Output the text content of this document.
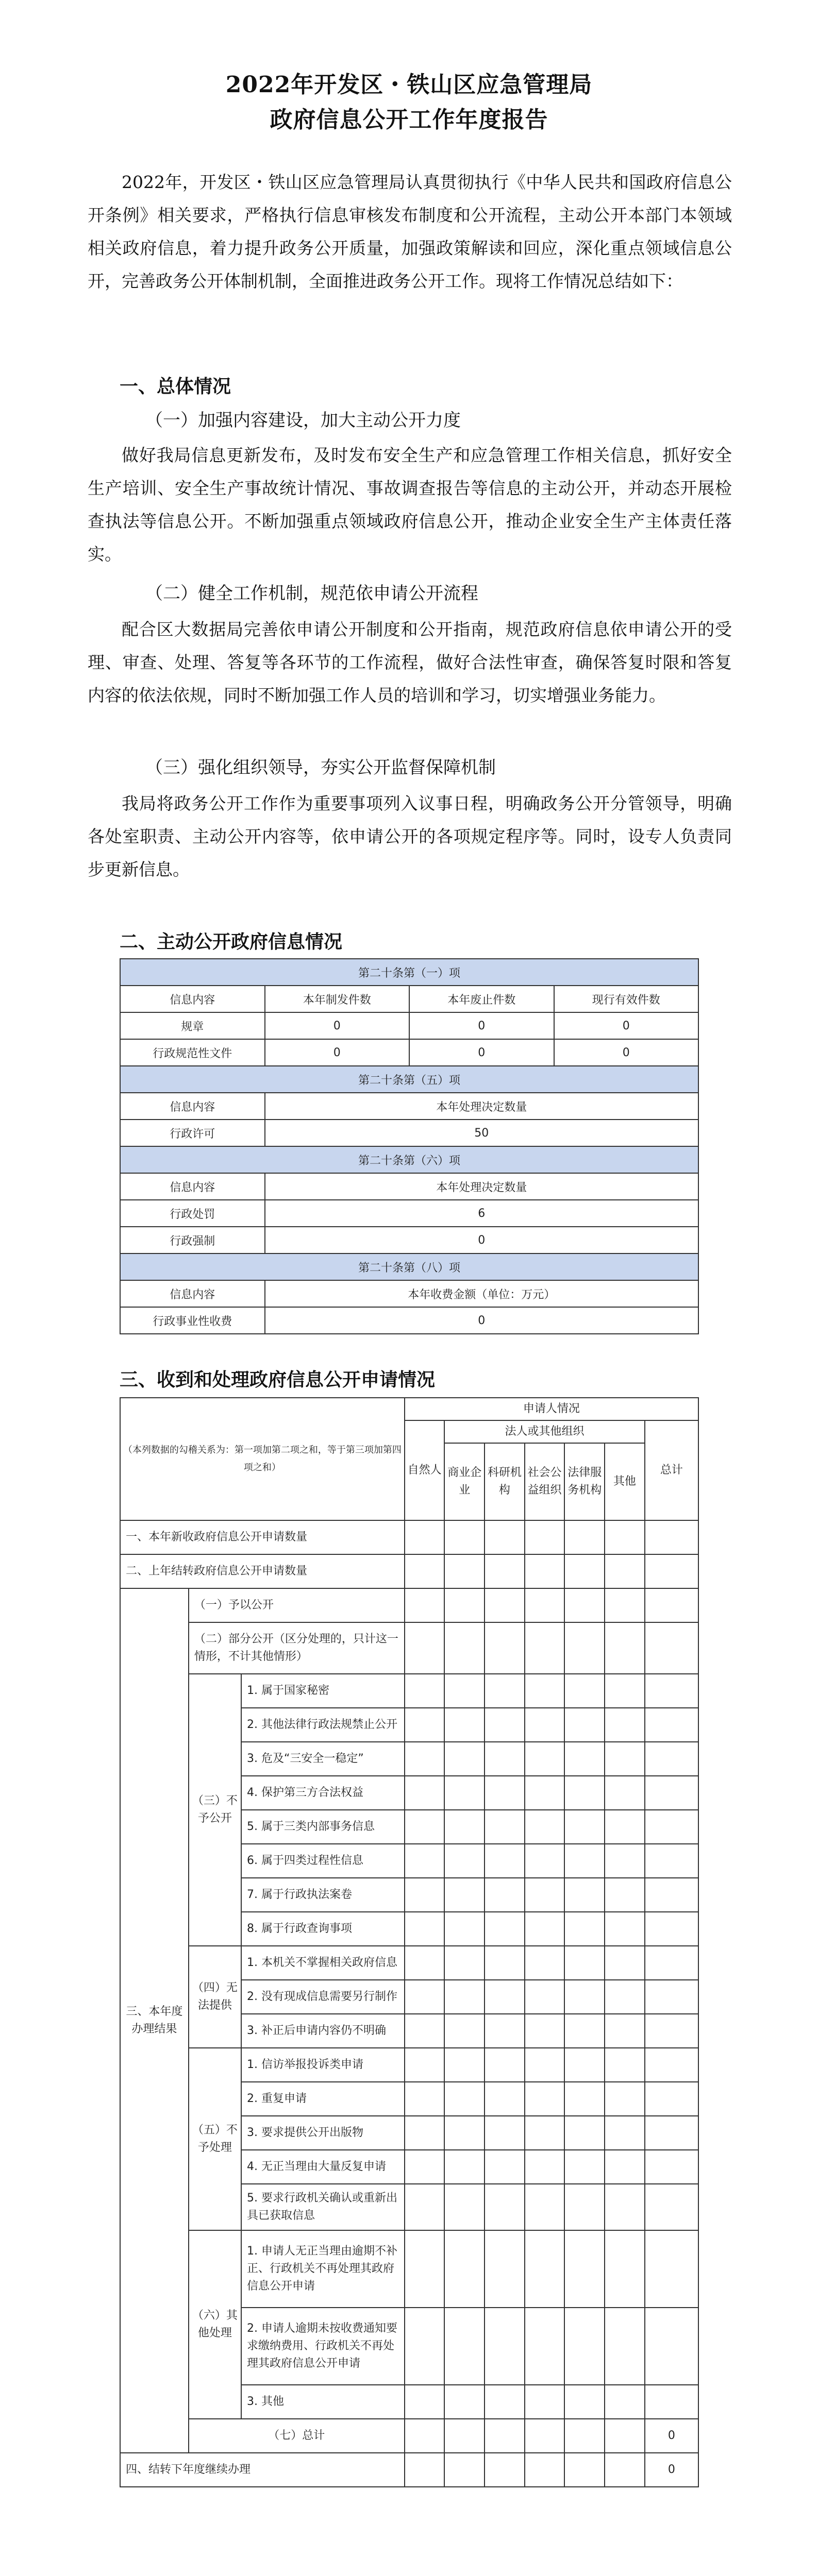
2022年开发区・铁山区应急管理局
政府信息公开工作年度报告
2022年，开发区・铁山区应急管理局认真贯彻执行《中华人民共和国政府信息公开条例》相关要求，严格执行信息审核发布制度和公开流程，主动公开本部门本领域相关政府信息，着力提升政务公开质量，加强政策解读和回应，深化重点领域信息公开，完善政务公开体制机制，全面推进政务公开工作。现将工作情况总结如下：
一、总体情况
（一）加强内容建设，加大主动公开力度
做好我局信息更新发布，及时发布安全生产和应急管理工作相关信息，抓好安全生产培训、安全生产事故统计情况、事故调查报告等信息的主动公开，并动态开展检查执法等信息公开。不断加强重点领域政府信息公开，推动企业安全生产主体责任落实。
（二）健全工作机制，规范依申请公开流程
配合区大数据局完善依申请公开制度和公开指南，规范政府信息依申请公开的受理、审查、处理、答复等各环节的工作流程，做好合法性审查，确保答复时限和答复内容的依法依规，同时不断加强工作人员的培训和学习，切实增强业务能力。
（三）强化组织领导，夯实公开监督保障机制
我局将政务公开工作作为重要事项列入议事日程，明确政务公开分管领导，明确各处室职责、主动公开内容等，依申请公开的各项规定程序等。同时，设专人负责同步更新信息。
二、主动公开政府信息情况
第二十条第（一）项			
信息内容	本年制发件数	本年废止件数	现行有效件数
规章	0	0	0
行政规范性文件	0	0	0
第二十条第（五）项			
信息内容	本年处理决定数量		
行政许可	50		
第二十条第（六）项			
信息内容	本年处理决定数量		
行政处罚	6		
行政强制	0		
第二十条第（八）项			
信息内容	本年收费金额（单位：万元）		
行政事业性收费	0		
三、收到和处理政府信息公开申请情况
（本列数据的勾稽关系为：第一项加第二项之和，等于第三项加第四项之和）			申请人情况						
			自然人	法人或其他组织					总计
				商业企业	科研机构	社会公益组织	法律服务机构	其他	
一、本年新收政府信息公开申请数量									
二、上年结转政府信息公开申请数量									
三、本年度办理结果	（一）予以公开								
	（二）部分公开（区分处理的，只计这一情形，不计其他情形）								
	（三）不予公开	1. 属于国家秘密							
		2. 其他法律行政法规禁止公开							
		3. 危及“三安全一稳定”							
		4. 保护第三方合法权益							
		5. 属于三类内部事务信息							
		6. 属于四类过程性信息							
		7. 属于行政执法案卷							
		8. 属于行政查询事项							
	（四）无法提供	1. 本机关不掌握相关政府信息							
		2. 没有现成信息需要另行制作							
		3. 补正后申请内容仍不明确							
	（五）不予处理	1. 信访举报投诉类申请							
		2. 重复申请							
		3. 要求提供公开出版物							
		4. 无正当理由大量反复申请							
		5. 要求行政机关确认或重新出具已获取信息							
	（六）其他处理	1. 申请人无正当理由逾期不补正、行政机关不再处理其政府信息公开申请							
		2. 申请人逾期未按收费通知要求缴纳费用、行政机关不再处理其政府信息公开申请							
		3. 其他							
	（七）总计								0
四、结转下年度继续办理									0
